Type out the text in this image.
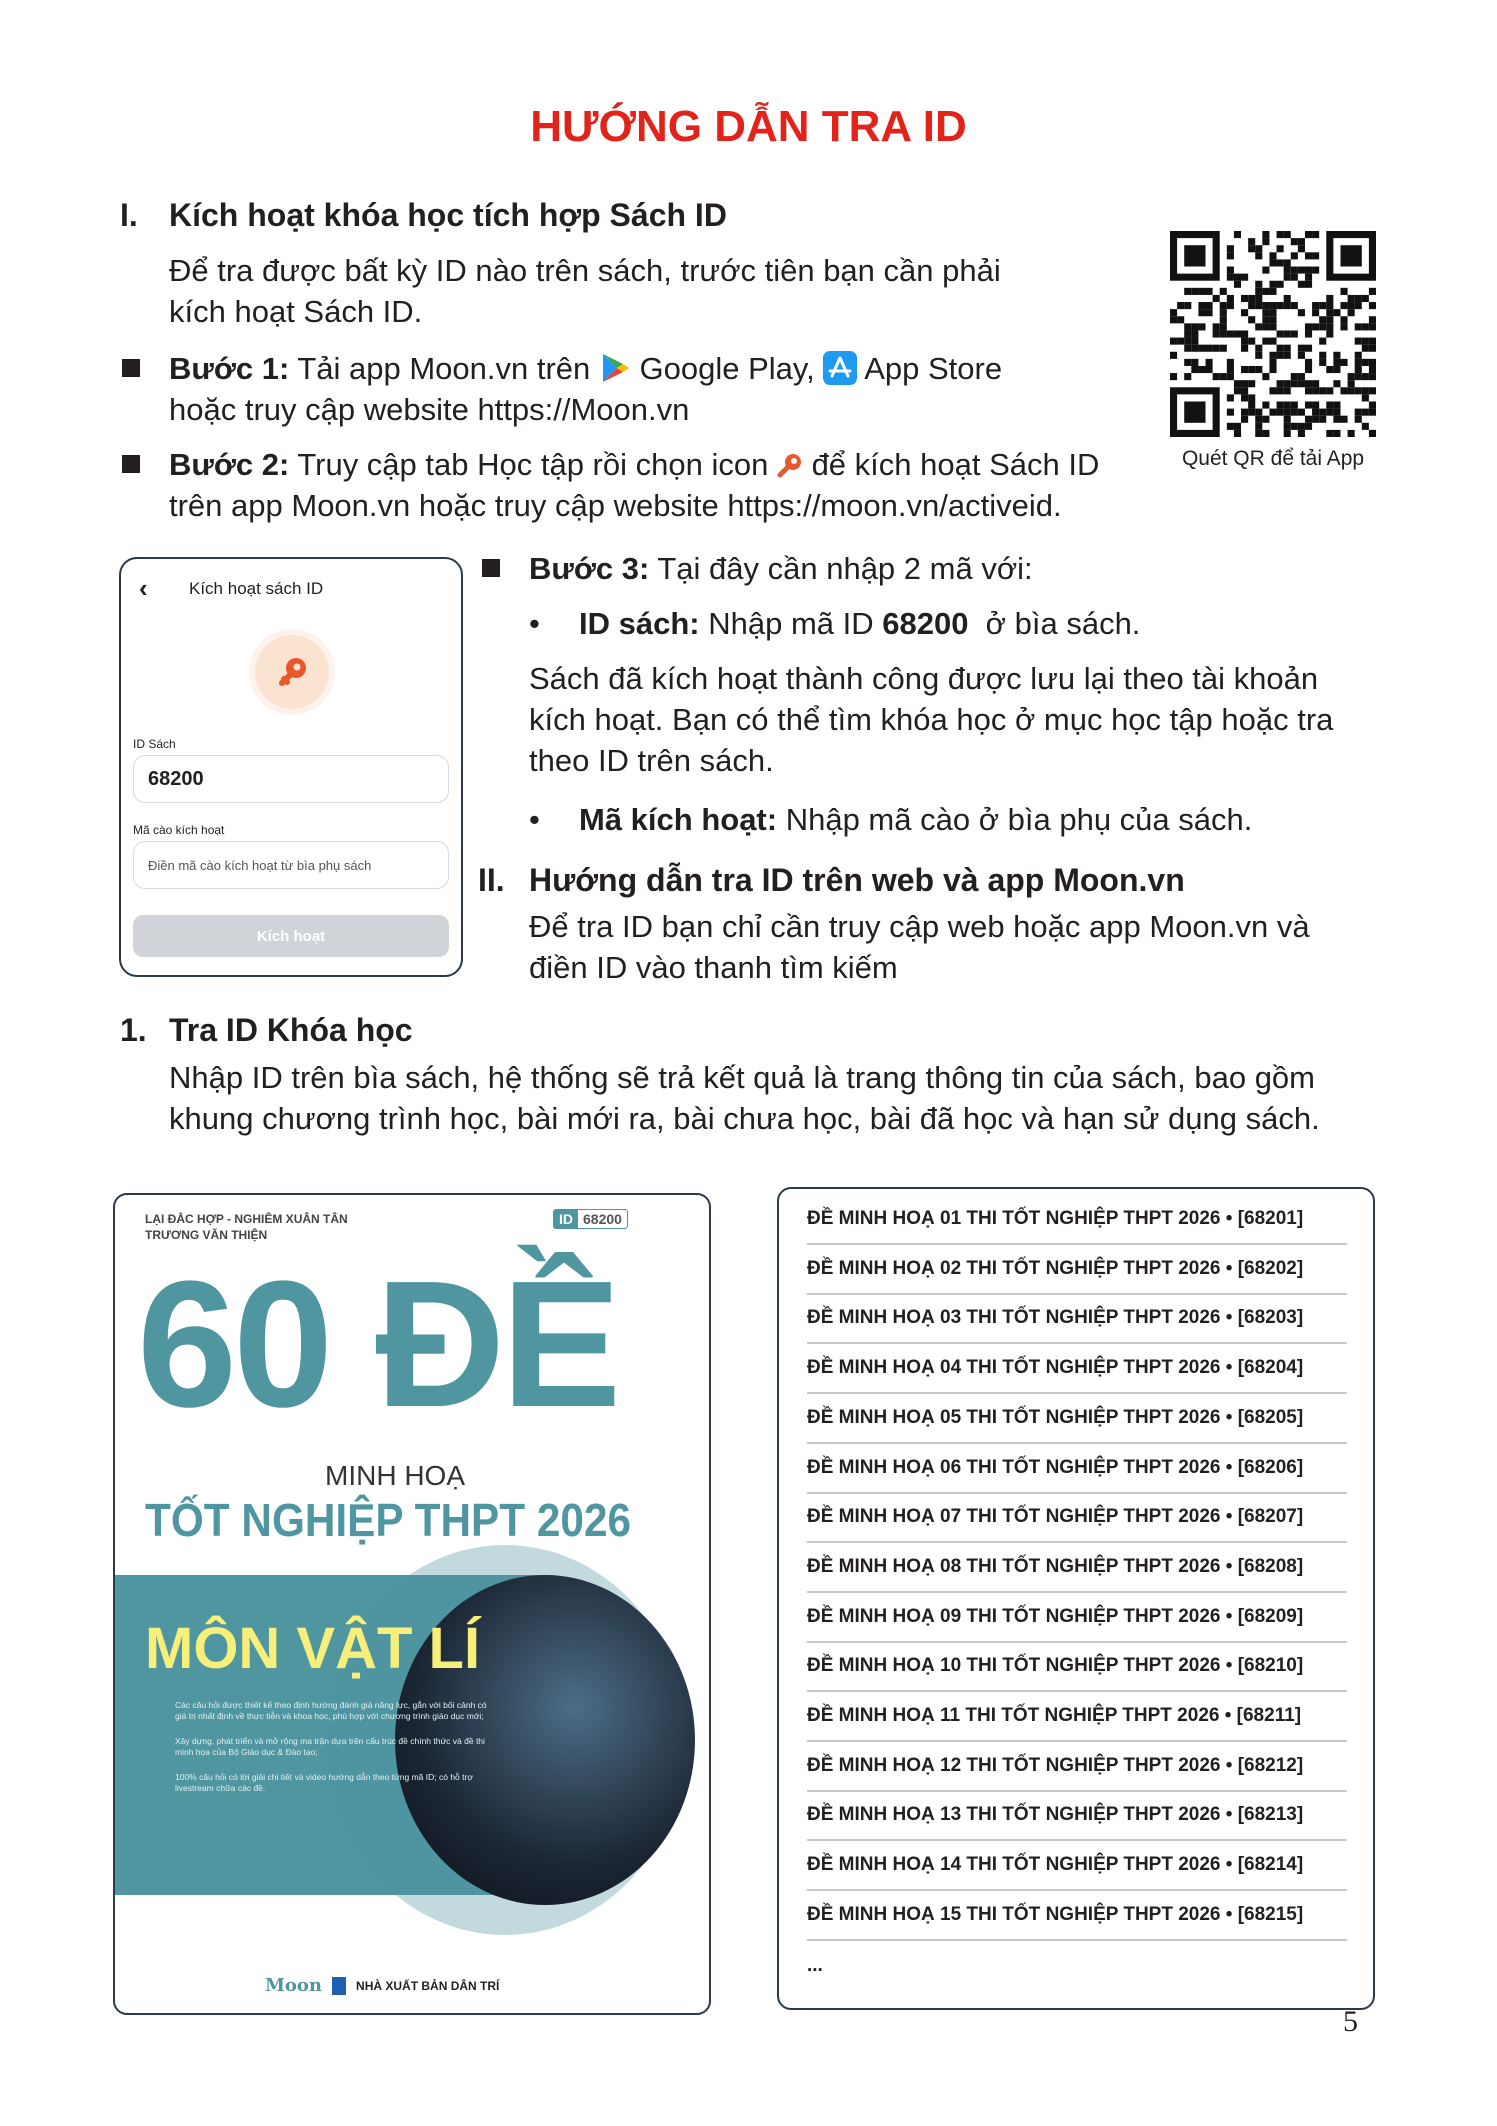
HƯỚNG DẪN TRA ID
I. Kích hoạt khóa học tích hợp Sách ID
Để tra được bất kỳ ID nào trên sách, trước tiên bạn cần phải
kích hoạt Sách ID.
Bước 1: Tải app Moon.vn trên  Google Play,  App Store
hoặc truy cập website https://Moon.vn
Bước 2: Truy cập tab Học tập rồi chọn icon  để kích hoạt Sách ID
trên app Moon.vn hoặc truy cập website https://moon.vn/activeid.
Quét QR để tải App
‹ Kích hoạt sách ID
ID Sách
68200
Mã cào kích hoạt
Điền mã cào kích hoạt từ bìa phụ sách
Kích hoạt
Bước 3: Tại đây cần nhập 2 mã với:
• ID sách: Nhập mã ID 68200  ở bìa sách.
Sách đã kích hoạt thành công được lưu lại theo tài khoản
kích hoạt. Bạn có thể tìm khóa học ở mục học tập hoặc tra
theo ID trên sách.
• Mã kích hoạt: Nhập mã cào ở bìa phụ của sách.
II. Hướng dẫn tra ID trên web và app Moon.vn
Để tra ID bạn chỉ cần truy cập web hoặc app Moon.vn và
điền ID vào thanh tìm kiếm
1. Tra ID Khóa học
Nhập ID trên bìa sách, hệ thống sẽ trả kết quả là trang thông tin của sách, bao gồm
khung chương trình học, bài mới ra, bài chưa học, bài đã học và hạn sử dụng sách.
LẠI ĐẮC HỢP - NGHIÊM XUÂN TÂN
TRƯƠNG VĂN THIỆN
ID 68200
60 ĐỀ
MINH HOẠ
TỐT NGHIỆP THPT 2026
MÔN VẬT LÍ
Các câu hỏi được thiết kế theo định hướng đánh giá năng lực, gắn với bối cảnh có giá trị nhất định về thực tiễn và khoa học, phù hợp với chương trình giáo dục mới;
Xây dựng, phát triển và mở rộng ma trận dựa trên cấu trúc đề chính thức và đề thi minh họa của Bộ Giáo dục & Đào tạo;
100% câu hỏi có lời giải chi tiết và video hướng dẫn theo từng mã ID; có hỗ trợ livestream chữa các đề.
Moon	NHÀ XUẤT BẢN DÂN TRÍ
ĐỀ MINH HOẠ 01 THI TỐT NGHIỆP THPT 2026 • [68201]
ĐỀ MINH HOẠ 02 THI TỐT NGHIỆP THPT 2026 • [68202]
ĐỀ MINH HOẠ 03 THI TỐT NGHIỆP THPT 2026 • [68203]
ĐỀ MINH HOẠ 04 THI TỐT NGHIỆP THPT 2026 • [68204]
ĐỀ MINH HOẠ 05 THI TỐT NGHIỆP THPT 2026 • [68205]
ĐỀ MINH HOẠ 06 THI TỐT NGHIỆP THPT 2026 • [68206]
ĐỀ MINH HOẠ 07 THI TỐT NGHIỆP THPT 2026 • [68207]
ĐỀ MINH HOẠ 08 THI TỐT NGHIỆP THPT 2026 • [68208]
ĐỀ MINH HOẠ 09 THI TỐT NGHIỆP THPT 2026 • [68209]
ĐỀ MINH HOẠ 10 THI TỐT NGHIỆP THPT 2026 • [68210]
ĐỀ MINH HOẠ 11 THI TỐT NGHIỆP THPT 2026 • [68211]
ĐỀ MINH HOẠ 12 THI TỐT NGHIỆP THPT 2026 • [68212]
ĐỀ MINH HOẠ 13 THI TỐT NGHIỆP THPT 2026 • [68213]
ĐỀ MINH HOẠ 14 THI TỐT NGHIỆP THPT 2026 • [68214]
ĐỀ MINH HOẠ 15 THI TỐT NGHIỆP THPT 2026 • [68215]
...
5
